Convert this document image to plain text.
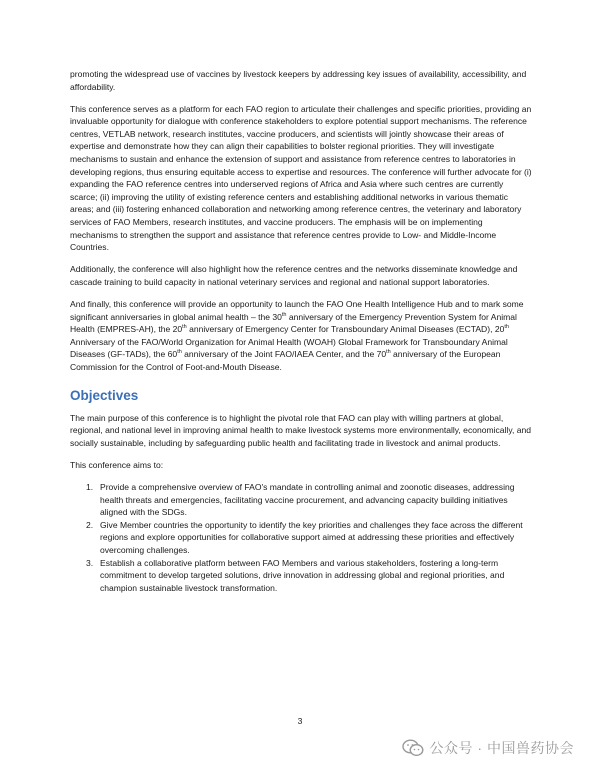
promoting the widespread use of vaccines by livestock keepers by addressing key issues of availability, accessibility, and affordability.

This conference serves as a platform for each FAO region to articulate their challenges and specific priorities, providing an invaluable opportunity for dialogue with conference stakeholders to explore potential support mechanisms. The reference centres, VETLAB network, research institutes, vaccine producers, and scientists will jointly showcase their areas of expertise and demonstrate how they can align their capabilities to bolster regional priorities. They will investigate mechanisms to sustain and enhance the extension of support and assistance from reference centres to laboratories in developing regions, thus ensuring equitable access to expertise and resources. The conference will further advocate for (i) expanding the FAO reference centres into underserved regions of Africa and Asia where such centres are currently scarce; (ii) improving the utility of existing reference centers and establishing additional networks in various thematic areas; and (iii) fostering enhanced collaboration and networking among reference centres, the veterinary and laboratory services of FAO Members, research institutes, and vaccine producers. The emphasis will be on implementing mechanisms to strengthen the support and assistance that reference centres provide to Low- and Middle-Income Countries.

Additionally, the conference will also highlight how the reference centres and the networks disseminate knowledge and cascade training to build capacity in national veterinary services and regional and national support laboratories.

And finally, this conference will provide an opportunity to launch the FAO One Health Intelligence Hub and to mark some significant anniversaries in global animal health – the 30th anniversary of the Emergency Prevention System for Animal Health (EMPRES-AH), the 20th anniversary of Emergency Center for Transboundary Animal Diseases (ECTAD), 20th Anniversary of the FAO/World Organization for Animal Health (WOAH) Global Framework for Transboundary Animal Diseases (GF-TADs), the 60th anniversary of the Joint FAO/IAEA Center, and the 70th anniversary of the European Commission for the Control of Foot-and-Mouth Disease.

Objectives

The main purpose of this conference is to highlight the pivotal role that FAO can play with willing partners at global, regional, and national level in improving animal health to make livestock systems more environmentally, economically, and socially sustainable, including by safeguarding public health and facilitating trade in livestock and animal products.

This conference aims to:

1. Provide a comprehensive overview of FAO's mandate in controlling animal and zoonotic diseases, addressing health threats and emergencies, facilitating vaccine procurement, and advancing capacity building initiatives aligned with the SDGs.
2. Give Member countries the opportunity to identify the key priorities and challenges they face across the different regions and explore opportunities for collaborative support aimed at addressing these priorities and effectively overcoming challenges.
3. Establish a collaborative platform between FAO Members and various stakeholders, fostering a long-term commitment to develop targeted solutions, drive innovation in addressing global and regional priorities, and champion sustainable livestock transformation.
3
公众号 · 中国兽药协会
